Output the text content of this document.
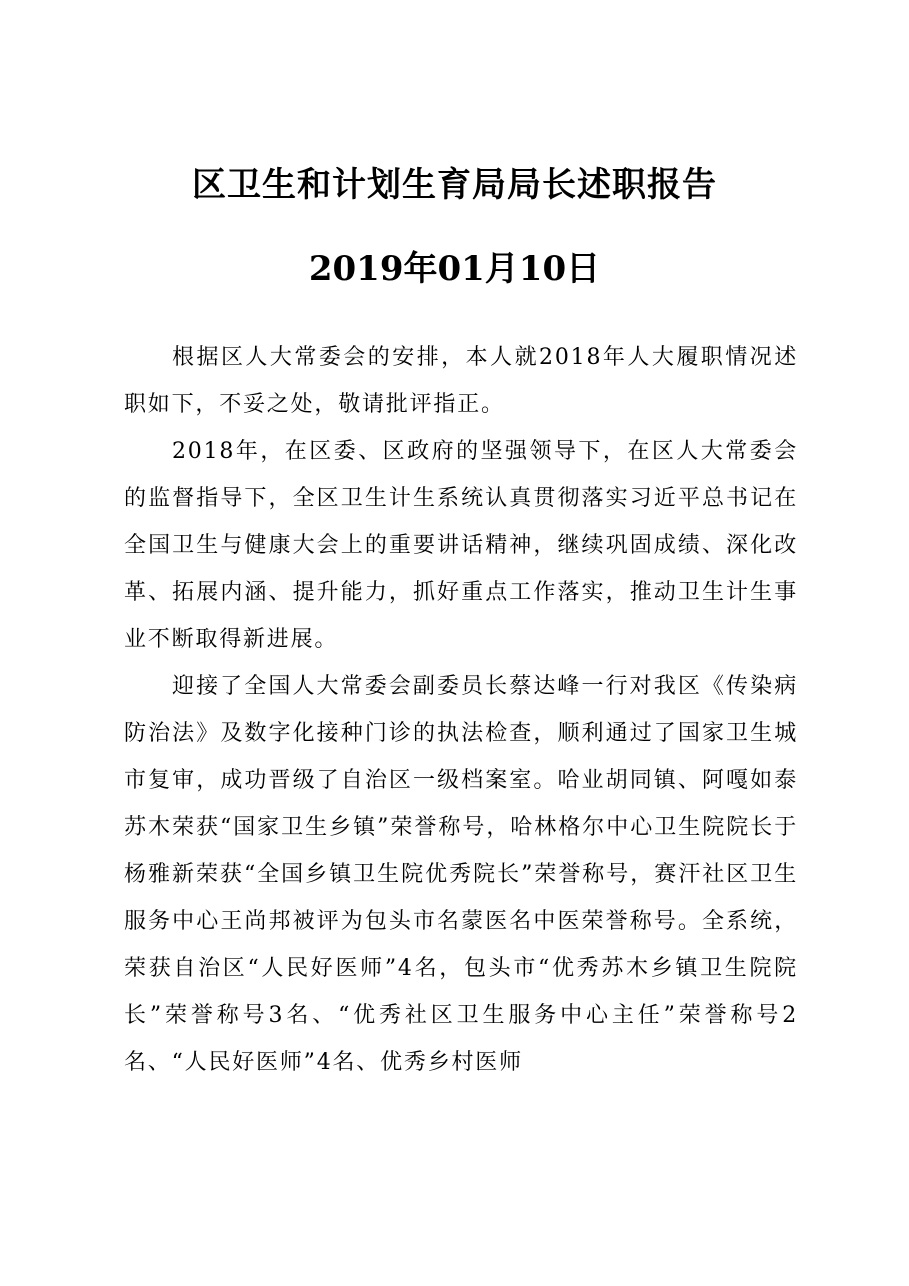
区卫生和计划生育局局长述职报告
2019年01月10日

根据区人大常委会的安排，本人就2018年人大履职情况述职如下，不妥之处，敬请批评指正。

2018年，在区委、区政府的坚强领导下，在区人大常委会的监督指导下，全区卫生计生系统认真贯彻落实习近平总书记在全国卫生与健康大会上的重要讲话精神，继续巩固成绩、深化改革、拓展内涵、提升能力，抓好重点工作落实，推动卫生计生事业不断取得新进展。

迎接了全国人大常委会副委员长蔡达峰一行对我区《传染病防治法》及数字化接种门诊的执法检查，顺利通过了国家卫生城市复审，成功晋级了自治区一级档案室。哈业胡同镇、阿嘎如泰苏木荣获“国家卫生乡镇”荣誉称号，哈林格尔中心卫生院院长于杨雅新荣获“全国乡镇卫生院优秀院长”荣誉称号，赛汗社区卫生服务中心王尚邦被评为包头市名蒙医名中医荣誉称号。全系统，荣获自治区“人民好医师”4名，包头市“优秀苏木乡镇卫生院院长”荣誉称号3名、“优秀社区卫生服务中心主任”荣誉称号2名、“人民好医师”4名、优秀乡村医师
